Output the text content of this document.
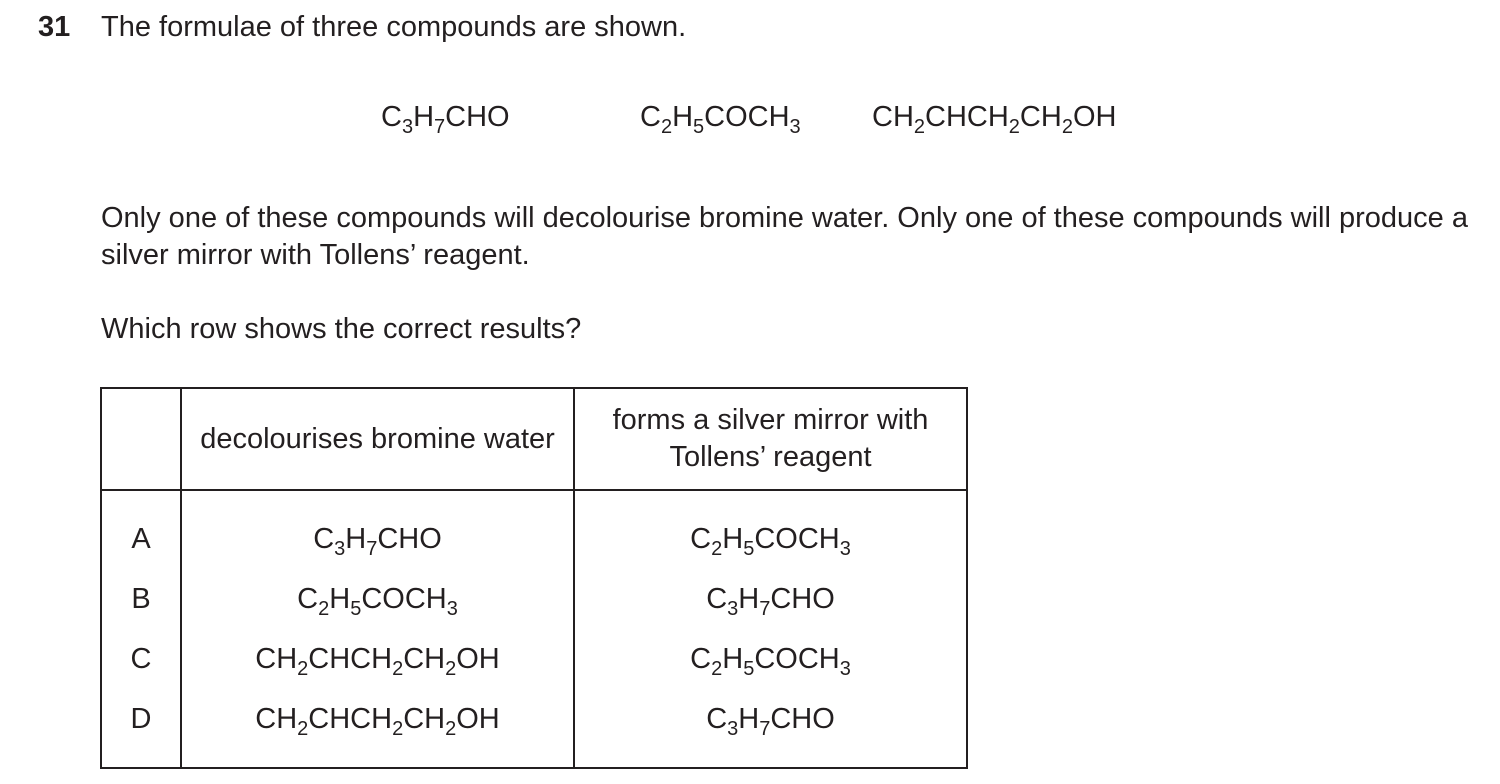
31 The formulae of three compounds are shown.
$C_3H_7CHO$	$C_2H_5COCH_3$ $CH_2CHCH_2CH_2OH$
Only one of these compounds will decolourise bromine water. Only one of these compounds will produce a silver mirror with Tollens’ reagent.
Which row shows the correct results?
	decolourises bromine water	forms a silver mirror with
Tollens’ reagent

A	$C_3H_7CHO$	$C_2H_5COCH_3$
B	$C_2H_5COCH_3$	$C_3H_7CHO$
C	$CH_2CHCH_2CH_2OH$	$C_2H_5COCH_3$
D	$CH_2CHCH_2CH_2OH$	$C_3H_7CHO$
